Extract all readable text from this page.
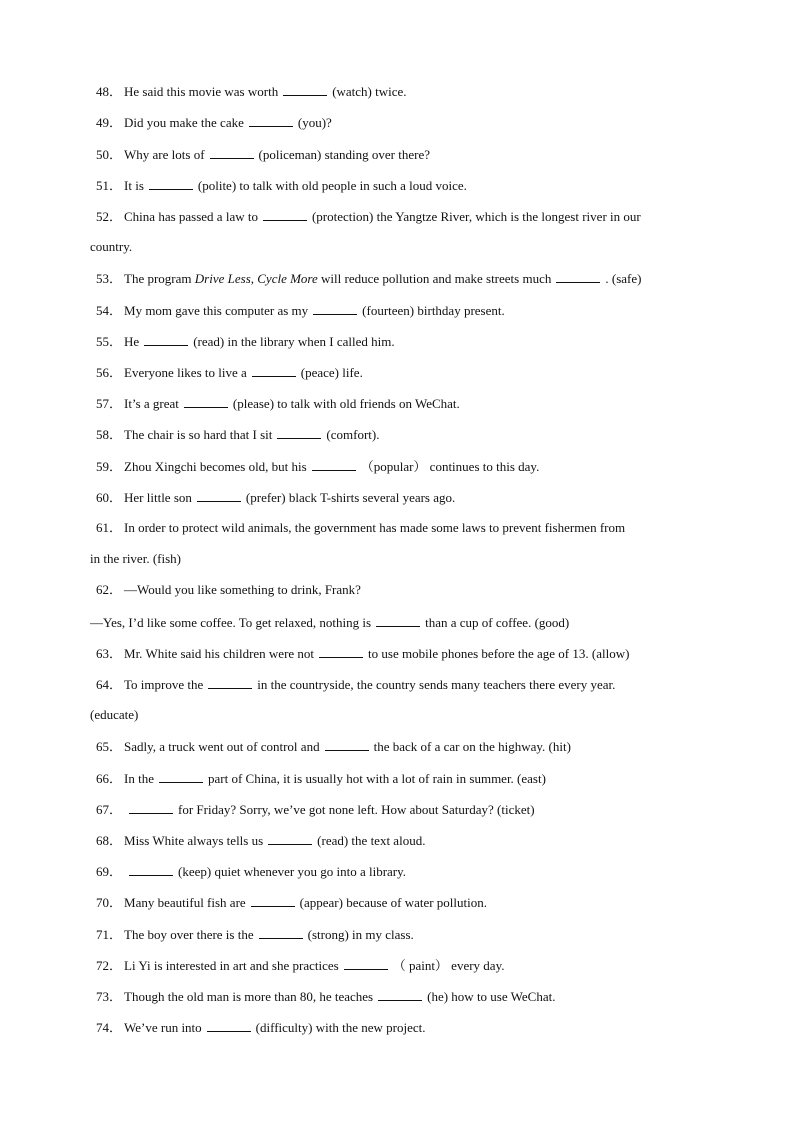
48． He said this movie was worth	(watch) twice.
49． Did you make the cake	(you)?
50． Why are lots of	(policeman) standing over there?
51． It is	(polite) to talk with old people in such a loud voice.
52． China has passed a law to	(protection) the Yangtze River, which is the longest river in our
country.
53． The program Drive Less, Cycle More will reduce pollution and make streets much	. (safe)
54． My mom gave this computer as my	(fourteen) birthday present.
55． He	(read) in the library when I called him.
56． Everyone likes to live a	(peace) life.
57． It’s a great	(please) to talk with old friends on WeChat.
58． The chair is so hard that I sit	(comfort).
59． Zhou Xingchi becomes old, but his	（popular） continues to this day.
60． Her little son	(prefer) black T-shirts several years ago.
61． In order to protect wild animals, the government has made some laws to prevent fishermen from
in the river. (fish)
62． —Would you like something to drink, Frank?
—Yes, I’d like some coffee. To get relaxed, nothing is	than a cup of coffee. (good)
63． Mr. White said his children were not	to use mobile phones before the age of 13. (allow)
64． To improve the	in the countryside, the country sends many teachers there every year.
(educate)
65． Sadly, a truck went out of control and	the back of a car on the highway. (hit)
66． In the	part of China, it is usually hot with a lot of rain in summer. (east)
67．	for Friday? Sorry, we’ve got none left. How about Saturday? (ticket)
68． Miss White always tells us	(read) the text aloud.
69．	(keep) quiet whenever you go into a library.
70． Many beautiful fish are	(appear) because of water pollution.
71． The boy over there is the	(strong) in my class.
72． Li Yi is interested in art and she practices	（ paint） every day.
73． Though the old man is more than 80, he teaches	(he) how to use WeChat.
74． We’ve run into	(difficulty) with the new project.
